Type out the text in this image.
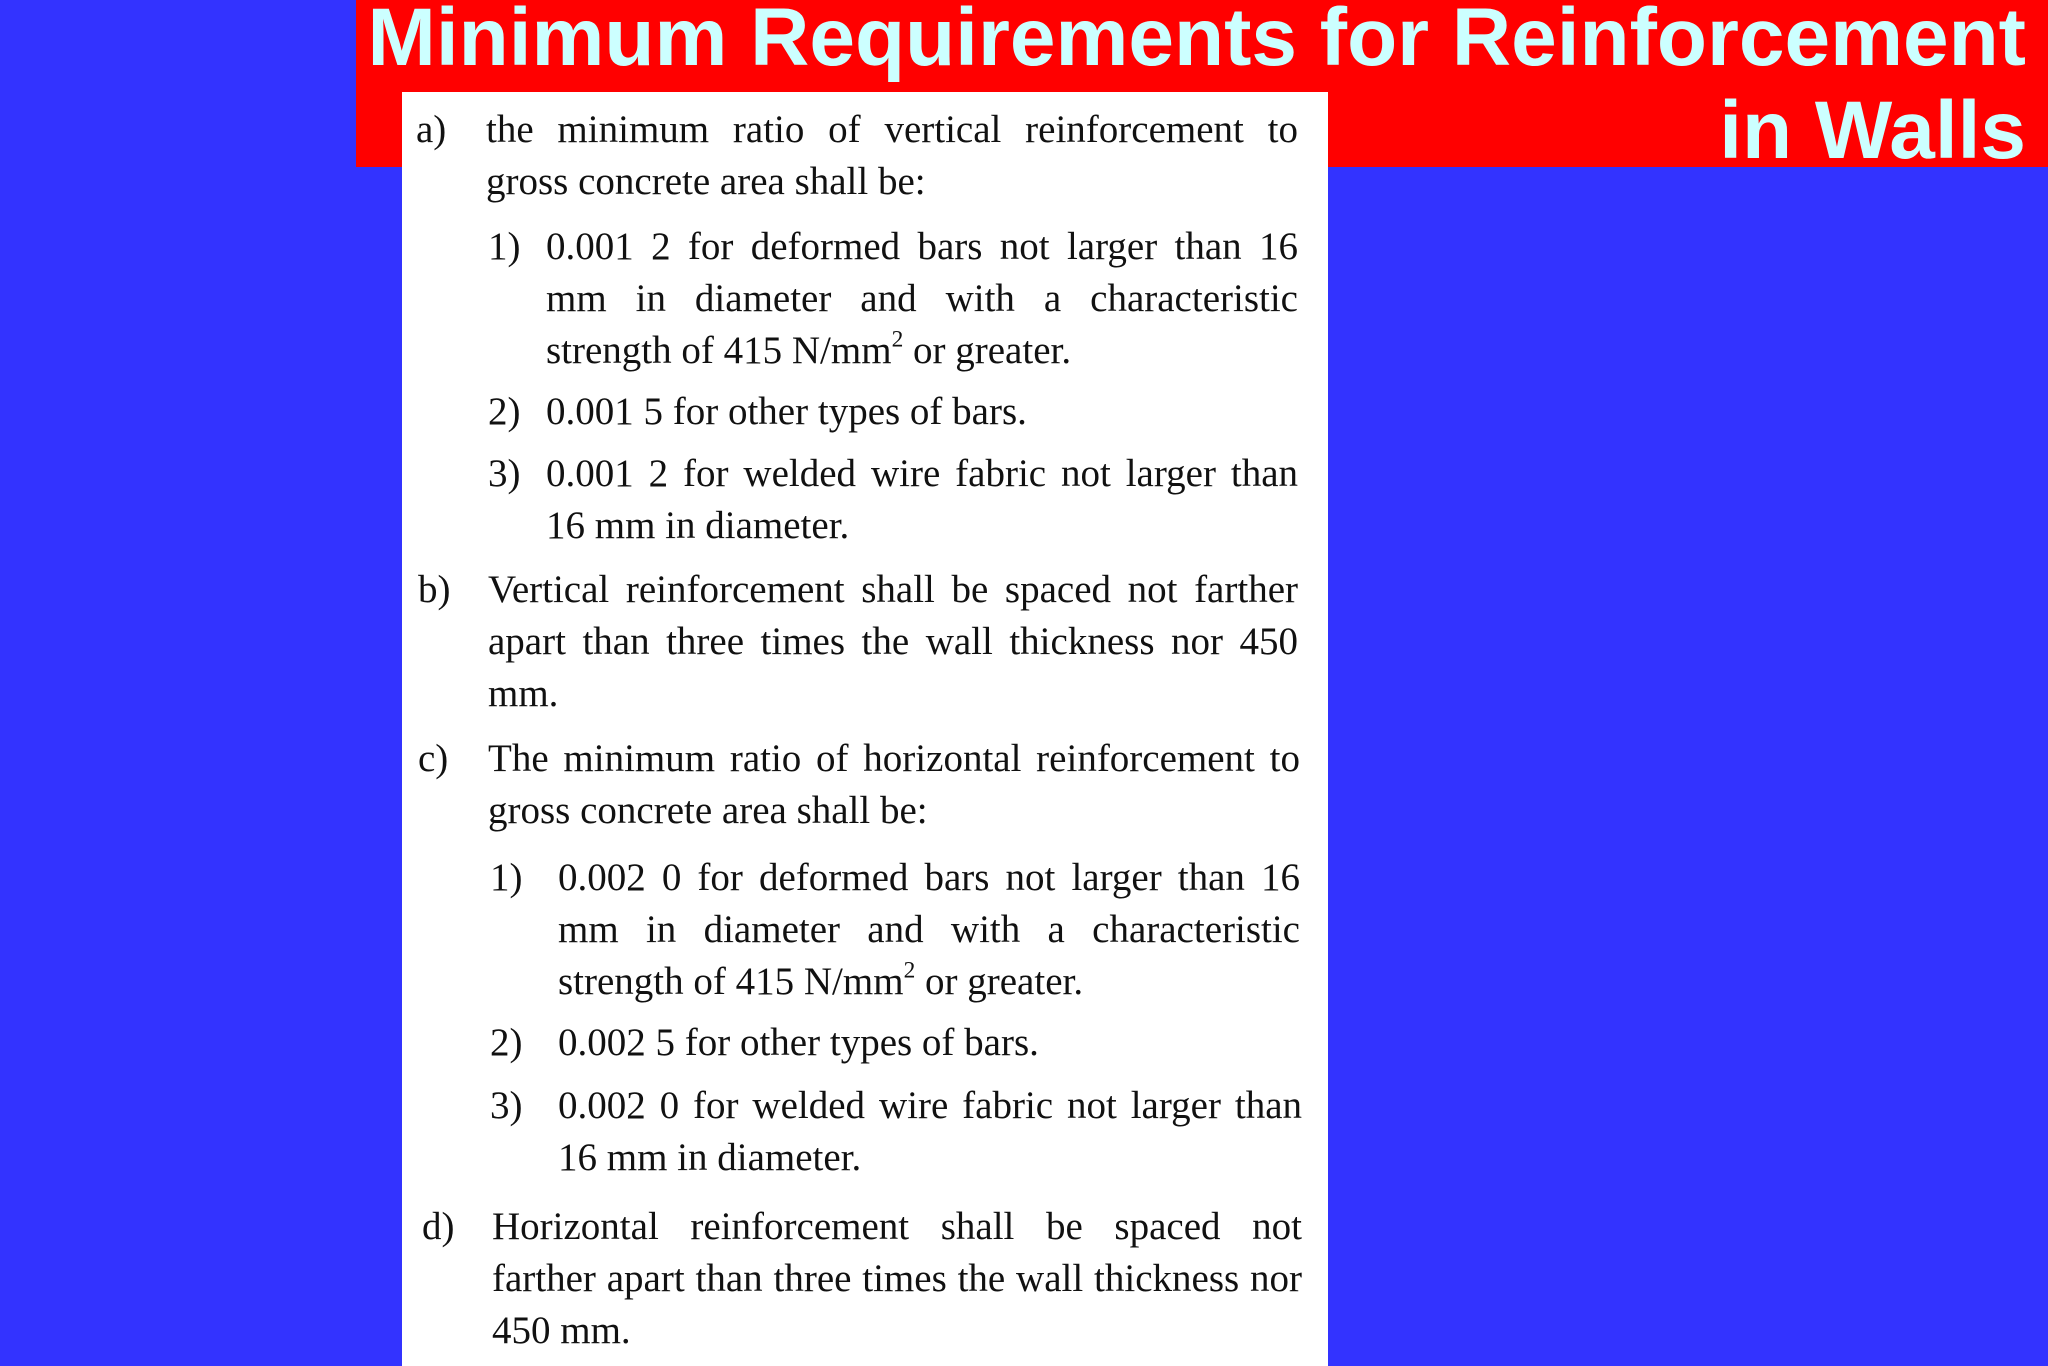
Minimum Requirements for Reinforcement
in Walls
a) the minimum ratio of vertical reinforcement to gross concrete area shall be:
1) 0.001 2 for deformed bars not larger than 16 mm in diameter and with a characteristic strength of 415 $N/mm^2$ or greater.
2) 0.001 5 for other types of bars.
3) 0.001 2 for welded wire fabric not larger than 16 mm in diameter.
b) Vertical reinforcement shall be spaced not farther apart than three times the wall thickness nor 450 mm.
c) The minimum ratio of horizontal reinforcement to gross concrete area shall be:
1) 0.002 0 for deformed bars not larger than 16 mm in diameter and with a characteristic strength of 415 $N/mm^2$ or greater.
2) 0.002 5 for other types of bars.
3) 0.002 0 for welded wire fabric not larger than 16 mm in diameter.
d) Horizontal reinforcement shall be spaced not farther apart than three times the wall thickness nor 450 mm.
